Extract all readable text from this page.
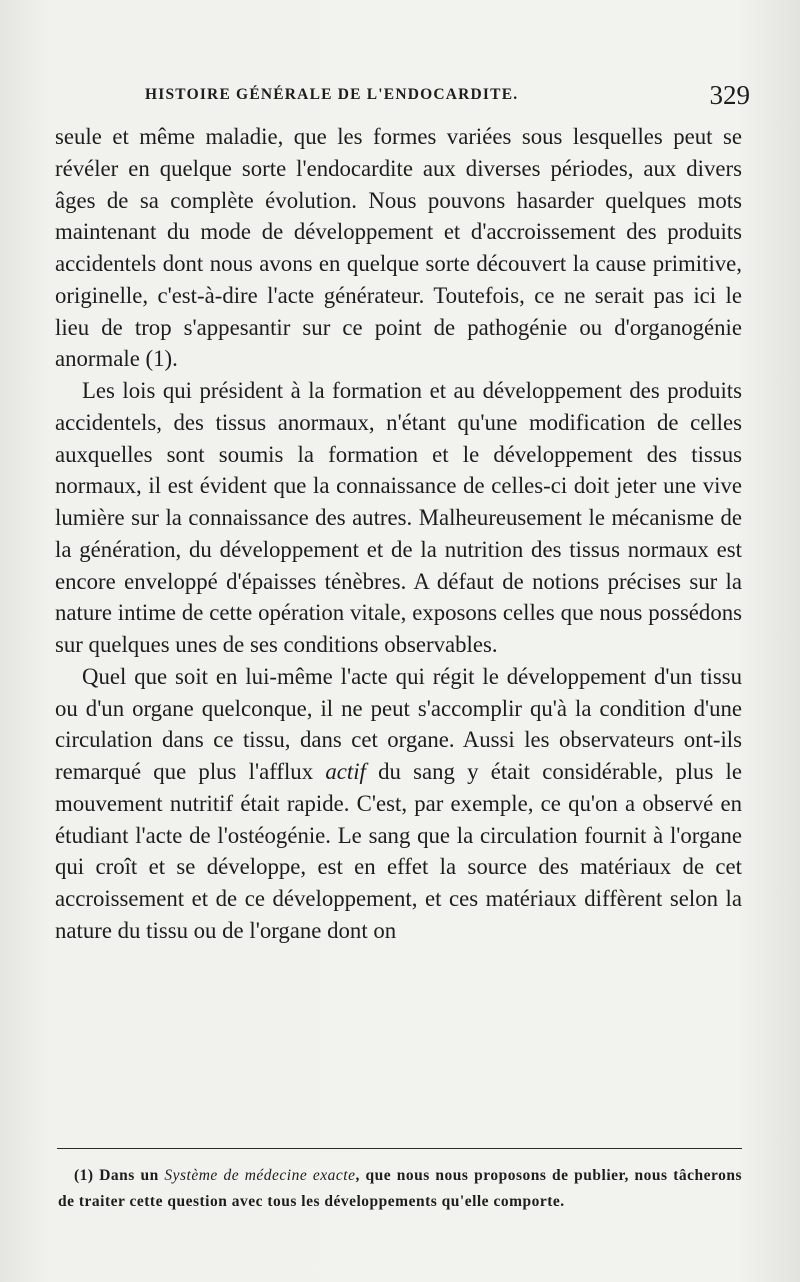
HISTOIRE GÉNÉRALE DE L'ENDOCARDITE.	329

seule et même maladie, que les formes variées sous lesquelles peut se révéler en quelque sorte l'endocardite aux diverses périodes, aux divers âges de sa complète évolution. Nous pouvons hasarder quelques mots maintenant du mode de développement et d'accroissement des produits accidentels dont nous avons en quelque sorte découvert la cause primitive, originelle, c'est-à-dire l'acte générateur. Toutefois, ce ne serait pas ici le lieu de trop s'appesantir sur ce point de pathogénie ou d'organogénie anormale (1).

Les lois qui président à la formation et au développement des produits accidentels, des tissus anormaux, n'étant qu'une modification de celles auxquelles sont soumis la formation et le développement des tissus normaux, il est évident que la connaissance de celles-ci doit jeter une vive lumière sur la connaissance des autres. Malheureusement le mécanisme de la génération, du développement et de la nutrition des tissus normaux est encore enveloppé d'épaisses ténèbres. A défaut de notions précises sur la nature intime de cette opération vitale, exposons celles que nous possédons sur quelques unes de ses conditions observables.

Quel que soit en lui-même l'acte qui régit le développement d'un tissu ou d'un organe quelconque, il ne peut s'accomplir qu'à la condition d'une circulation dans ce tissu, dans cet organe. Aussi les observateurs ont-ils remarqué que plus l'afflux actif du sang y était considérable, plus le mouvement nutritif était rapide. C'est, par exemple, ce qu'on a observé en étudiant l'acte de l'ostéogénie. Le sang que la circulation fournit à l'organe qui croît et se développe, est en effet la source des matériaux de cet accroissement et de ce développement, et ces matériaux diffèrent selon la nature du tissu ou de l'organe dont on

(1) Dans un Système de médecine exacte, que nous nous proposons de publier, nous tâcherons de traiter cette question avec tous les développements qu'elle comporte.
